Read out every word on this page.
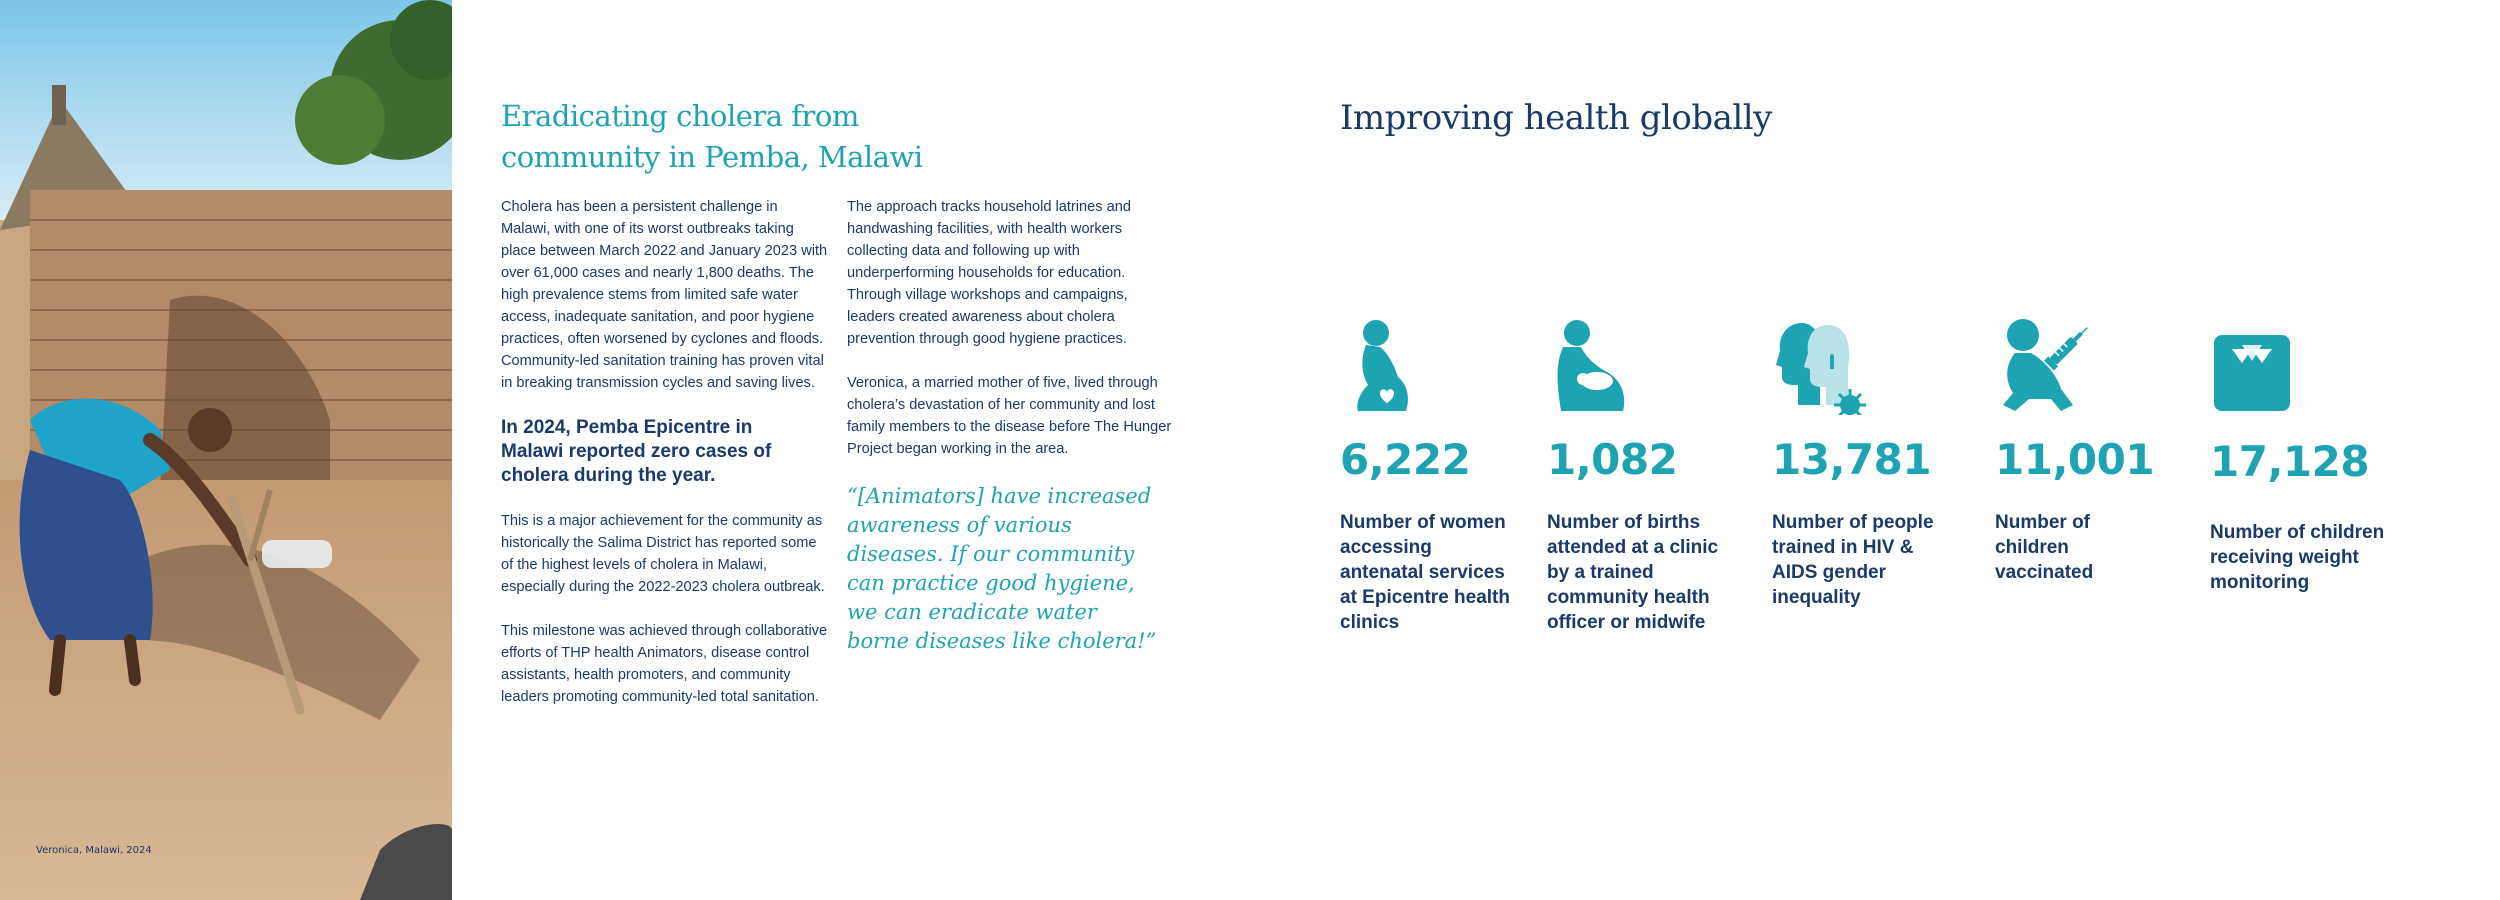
Veronica, Malawi, 2024
Eradicating cholera from community in Pemba, Malawi

Cholera has been a persistent challenge in Malawi, with one of its worst outbreaks taking place between March 2022 and January 2023 with over 61,000 cases and nearly 1,800 deaths. The high prevalence stems from limited safe water access, inadequate sanitation, and poor hygiene practices, often worsened by cyclones and floods. Community-led sanitation training has proven vital in breaking transmission cycles and saving lives.

In 2024, Pemba Epicentre in Malawi reported zero cases of cholera during the year.

This is a major achievement for the community as historically the Salima District has reported some of the highest levels of cholera in Malawi, especially during the 2022-2023 cholera outbreak.

This milestone was achieved through collaborative efforts of THP health Animators, disease control assistants, health promoters, and community leaders promoting community-led total sanitation.

The approach tracks household latrines and handwashing facilities, with health workers collecting data and following up with underperforming households for education. Through village workshops and campaigns, leaders created awareness about cholera prevention through good hygiene practices.

Veronica, a married mother of five, lived through cholera’s devastation of her community and lost family members to the disease before The Hunger Project began working in the area.

“[Animators] have increased awareness of various diseases. If our community can practice good hygiene, we can eradicate water borne diseases like cholera!”

Improving health globally
6,222
Number of women accessing antenatal services at Epicentre health clinics
1,082
Number of births attended at a clinic by a trained community health officer or midwife
13,781
Number of people trained in HIV & AIDS gender inequality
11,001
Number of children vaccinated
17,128
Number of children receiving weight monitoring
